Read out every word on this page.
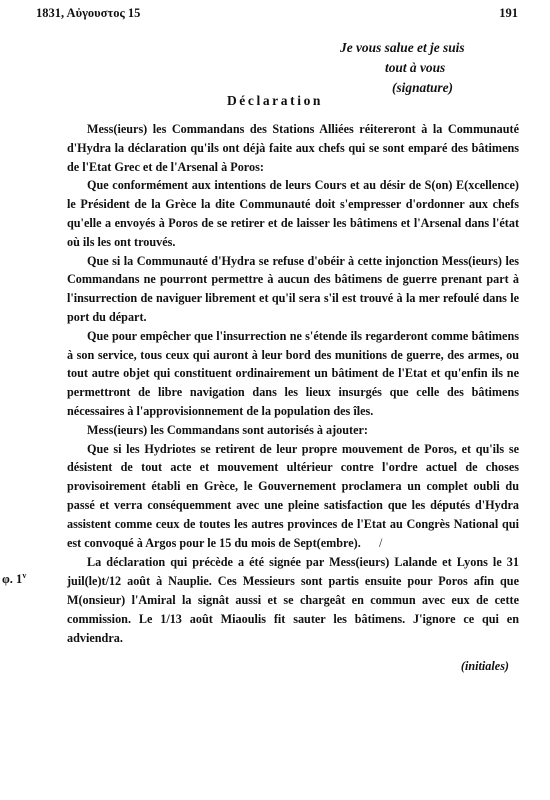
1831, Αὐγουστος 15	191
Je vous salue et je suis
tout à vous
(signature)
Déclaration

Mess(ieurs) les Commandans des Stations Alliées réitereront à la Communauté d'Hydra la déclaration qu'ils ont déjà faite aux chefs qui se sont emparé des bâtimens de l'Etat Grec et de l'Arsenal à Poros:

Que conformément aux intentions de leurs Cours et au désir de S(on) E(xcellence) le Président de la Grèce la dite Communauté doit s'empresser d'ordonner aux chefs qu'elle a envoyés à Poros de se retirer et de laisser les bâtimens et l'Arsenal dans l'état où ils les ont trouvés.

Que si la Communauté d'Hydra se refuse d'obéir à cette injonction Mess(ieurs) les Commandans ne pourront permettre à aucun des bâtimens de guerre prenant part à l'insurrection de naviguer librement et qu'il sera s'il est trouvé à la mer refoulé dans le port du départ.

Que pour empêcher que l'insurrection ne s'étende ils regarderont comme bâtimens à son service, tous ceux qui auront à leur bord des munitions de guerre, des armes, ou tout autre objet qui constituent ordinairement un bâtiment de l'Etat et qu'enfin ils ne permettront de libre navigation dans les lieux insurgés que celle des bâtimens nécessaires à l'approvisionnement de la population des îles.

Mess(ieurs) les Commandans sont autorisés à ajouter:

Que si les Hydriotes se retirent de leur propre mouvement de Poros, et qu'ils se désistent de tout acte et mouvement ultérieur contre l'ordre actuel de choses provisoirement établi en Grèce, le Gouvernement proclamera un complet oubli du passé et verra conséquemment avec une pleine satisfaction que les députés d'Hydra assistent comme ceux de toutes les autres provinces de l'Etat au Congrès National qui est convoqué à Argos pour le 15 du mois de Sept(embre). /

La déclaration qui précède a été signée par Mess(ieurs) Lalande et Lyons le 31 juil(le)t/12 août à Nauplie. Ces Messieurs sont partis ensuite pour Poros afin que M(onsieur) l'Amiral la signât aussi et se chargeât en commun avec eux de cette commission. Le 1/13 août Miaoulis fit sauter les bâtimens. J'ignore ce qui en adviendra.

(initiales)
φ. 1$^v$
